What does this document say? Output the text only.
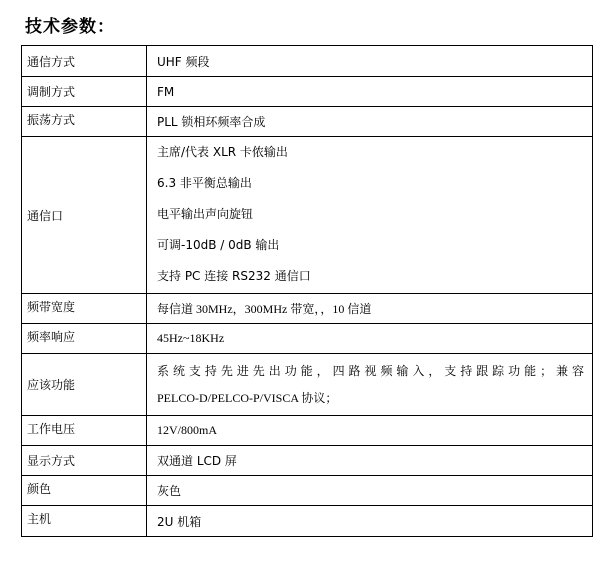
技术参数：
通信方式	UHF 频段
调制方式	FM
振荡方式	PLL 锁相环频率合成
通信口	主席/代表 XLR 卡侬输出
6.3 非平衡总输出
电平输出声向旋钮
可调-10dB / 0dB 输出
支持 PC 连接 RS232 通信口

频带宽度	每信道 30MHz，300MHz 带宽，，10 信道
频率响应	45Hz~18KHz
应该功能	系统支持先进先出功能，四路视频输入，支持跟踪功能；兼容
PELCO-D/PELCO-P/VISCA 协议；

工作电压	12V/800mA
显示方式	双通道 LCD 屏
颜色	灰色
主机	2U 机箱
